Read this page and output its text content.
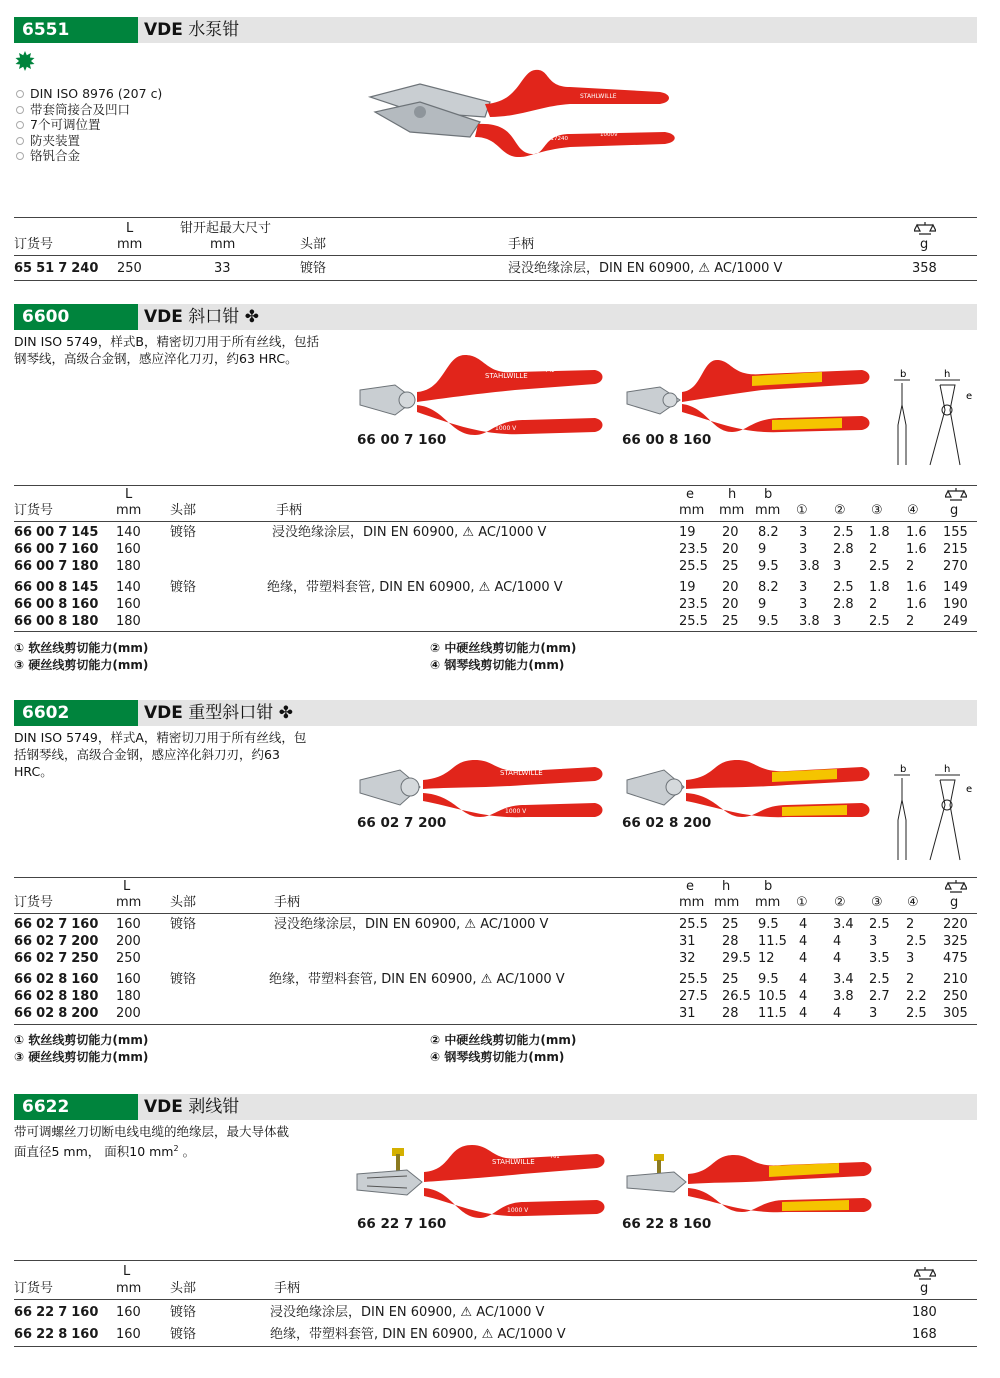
6551	VDE 水泵钳
DIN ISO 8976 (207 c)
带套筒接合及凹口
7个可调位置
防夹装置
铬钒合金
STAHLWILLE
65517240
1000V
L	钳开起最大尺寸
订货号	mm	mm	头部	手柄	g
65 51 7 240 250	33	镀铬	浸没绝缘涂层，DIN EN 60900, ⚠ AC/1000 V	358
6600	VDE 斜口钳 ✤
DIN ISO 5749，样式B，精密切刀用于所有丝线，包括
钢琴线，高级合金钢，感应淬化刀刃，约63 HRC。
STAHLWILLE
742
1000 V
66 00 7 160	66 00 8 160
b	h
e
L	e	h b
订货号	mm 头部	手柄	mm mm mm ① ② ③ ④ g
66 00 7 145 140 镀铬	浸没绝缘涂层，DIN EN 60900, ⚠ AC/1000 V	19 20 8.2 3 2.5 1.8 1.6 155
66 00 7 160 160	23.5 20 9	3 2.8 2 1.6 215
66 00 7 180 180	25.5 25 9.5 3.8 3 2.5 2 270
66 00 8 145 140 镀铬	绝缘，带塑料套管, DIN EN 60900, ⚠ AC/1000 V	19 20 8.2 3 2.5 1.8 1.6 149
66 00 8 160 160	23.5 20 9	3 2.8 2 1.6 190
66 00 8 180 180	25.5 25 9.5 3.8 3 2.5 2 249
① 软丝线剪切能力(mm)
③ 硬丝线剪切能力(mm)
② 中硬丝线剪切能力(mm)
④ 钢琴线剪切能力(mm)
6602	VDE 重型斜口钳 ✤
DIN ISO 5749，样式A，精密切刀用于所有丝线，包
括钢琴线，高级合金钢，感应淬化斜刀刃，约63
HRC。	STAHLWILLE
753
1000 V
66 02 7 200	66 02 8 200
b	h
e
L	e h	b
订货号	mm 头部	手柄	mm mm mm ① ② ③ ④ g
66 02 7 160 160 镀铬	浸没绝缘涂层，DIN EN 60900, ⚠ AC/1000 V	25.5 25 9.5 4 3.4 2.5 2 220
66 02 7 200 200	31 28 11.5 4 4 3 2.5 325
66 02 7 250 250	32 29.5 12 4 4 3.5 3 475
66 02 8 160 160 镀铬	绝缘，带塑料套管, DIN EN 60900, ⚠ AC/1000 V	25.5 25 9.5 4 3.4 2.5 2 210
66 02 8 180 180	27.5 26.5 10.5 4 3.8 2.7 2.2 250
66 02 8 200 200	31 28 11.5 4 4 3 2.5 305
① 软丝线剪切能力(mm)
③ 硬丝线剪切能力(mm)
② 中硬丝线剪切能力(mm)
④ 钢琴线剪切能力(mm)
6622	VDE 剥线钳
带可调螺丝刀切断电线电缆的绝缘层，最大导体截
面直径5 mm， 面积10 $mm^2$ 。
STAHLWILLE
761
1000 V
66 22 7 160	66 22 8 160
L
订货号	mm 头部	手柄	g
66 22 7 160 160 镀铬	浸没绝缘涂层，DIN EN 60900, ⚠ AC/1000 V	180
66 22 8 160 160 镀铬	绝缘，带塑料套管, DIN EN 60900, ⚠ AC/1000 V	168
